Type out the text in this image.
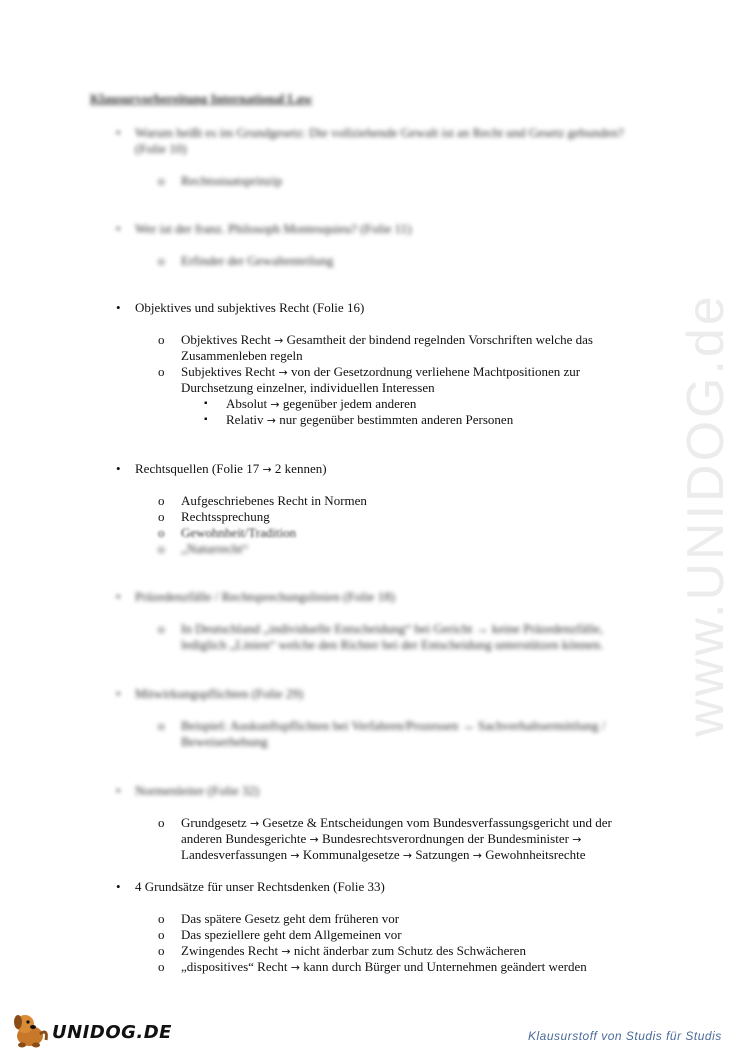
www.UNIDOG.de
Klausurvorbereitung International Law
• Warum heißt es im Grundgesetz: Die vollziehende Gewalt ist an Recht und Gesetz gebunden?
(Folie 10)
o Rechtsstaatsprinzip
• Wer ist der franz. Philosoph Montesquieu? (Folie 11)
o Erfinder der Gewaltenteilung
• Objektives und subjektives Recht (Folie 16)
o Objektives Recht → Gesamtheit der bindend regelnden Vorschriften welche das
Zusammenleben regeln
o Subjektives Recht → von der Gesetzordnung verliehene Machtpositionen zur
Durchsetzung einzelner, individuellen Interessen
▪ Absolut → gegenüber jedem anderen
▪ Relativ → nur gegenüber bestimmten anderen Personen
• Rechtsquellen (Folie 17 → 2 kennen)
o Aufgeschriebenes Recht in Normen
o Rechtssprechung
o Gewohnheit/Tradition
o „Naturrecht“
• Präzedenzfälle / Rechtsprechungslinien (Folie 18)
o In Deutschland „individuelle Entscheidung“ bei Gericht → keine Präzedenzfälle,
lediglich „Linien“ welche den Richter bei der Entscheidung unterstützen können.
• Mitwirkungspflichten (Folie 29)
o Beispiel: Auskunftspflichten bei Verfahren/Prozessen → Sachverhaltsermittlung /
Beweiserhebung
• Normenleiter (Folie 32)
o Grundgesetz → Gesetze & Entscheidungen vom Bundesverfassungsgericht und der
anderen Bundesgerichte → Bundesrechtsverordnungen der Bundesminister →
Landesverfassungen → Kommunalgesetze → Satzungen → Gewohnheitsrechte
• 4 Grundsätze für unser Rechtsdenken (Folie 33)
o Das spätere Gesetz geht dem früheren vor
o Das speziellere geht dem Allgemeinen vor
o Zwingendes Recht → nicht änderbar zum Schutz des Schwächeren
o „dispositives“ Recht → kann durch Bürger und Unternehmen geändert werden
UNIDOG.DE	Klausurstoff von Studis für Studis
